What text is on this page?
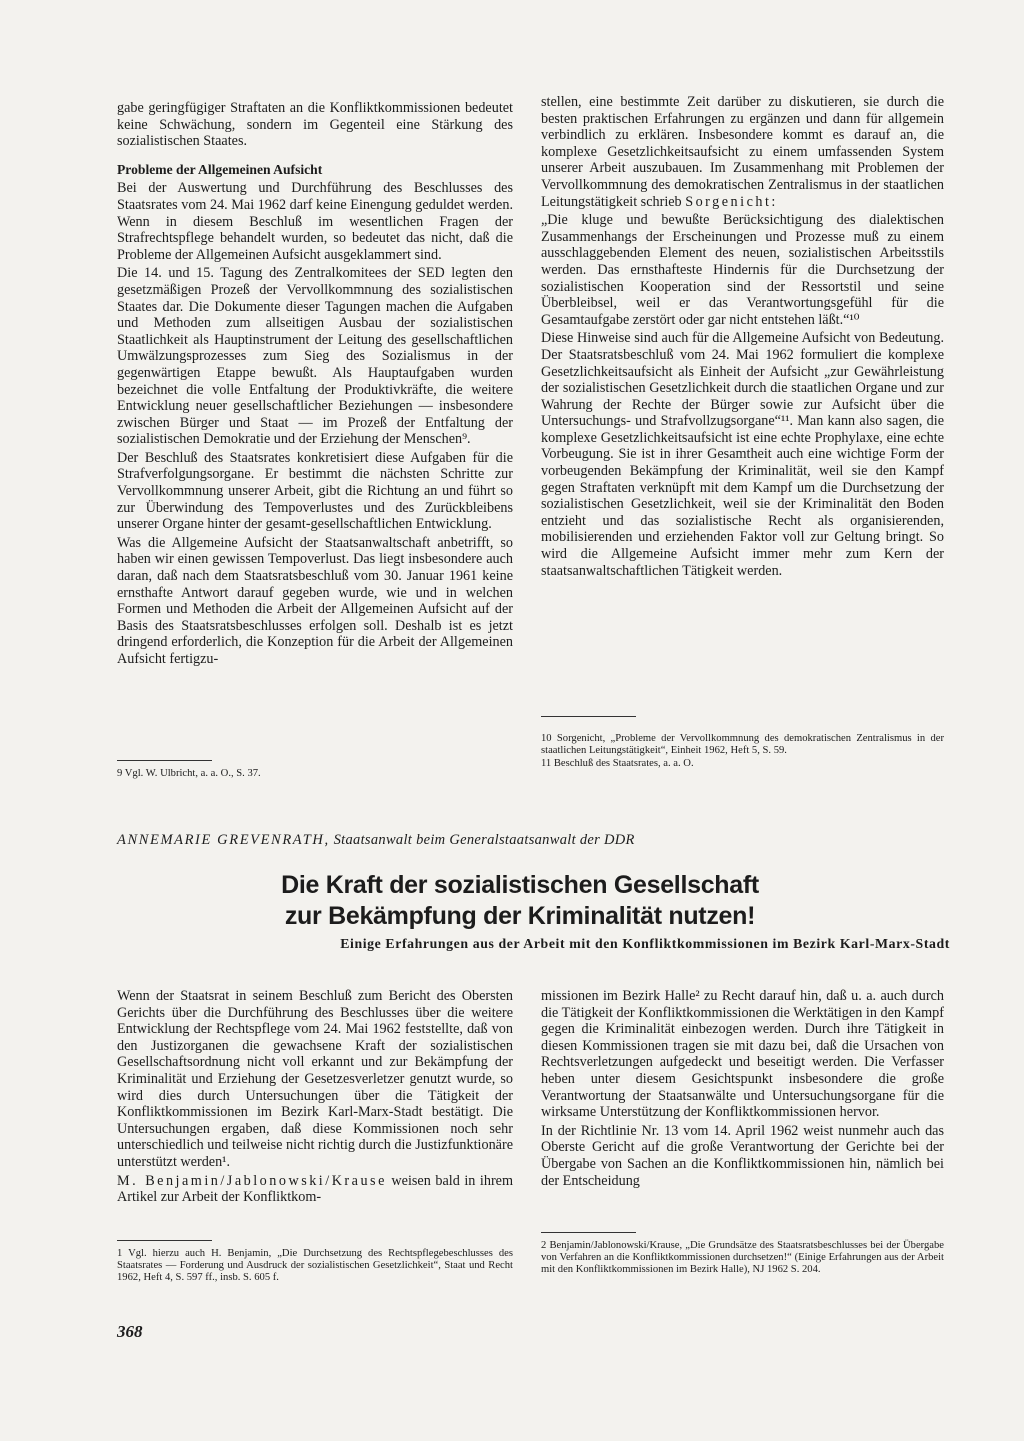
gabe geringfügiger Straftaten an die Konfliktkommissionen bedeutet keine Schwächung, sondern im Gegenteil eine Stärkung des sozialistischen Staates.

Probleme der Allgemeinen Aufsicht

Bei der Auswertung und Durchführung des Beschlusses des Staatsrates vom 24. Mai 1962 darf keine Einengung geduldet werden. Wenn in diesem Beschluß im wesentlichen Fragen der Strafrechtspflege behandelt wurden, so bedeutet das nicht, daß die Probleme der Allgemeinen Aufsicht ausgeklammert sind.

Die 14. und 15. Tagung des Zentralkomitees der SED legten den gesetzmäßigen Prozeß der Vervollkommnung des sozialistischen Staates dar. Die Dokumente dieser Tagungen machen die Aufgaben und Methoden zum allseitigen Ausbau der sozialistischen Staatlichkeit als Hauptinstrument der Leitung des gesellschaftlichen Umwälzungsprozesses zum Sieg des Sozialismus in der gegenwärtigen Etappe bewußt. Als Hauptaufgaben wurden bezeichnet die volle Entfaltung der Produktivkräfte, die weitere Entwicklung neuer gesellschaftlicher Beziehungen — insbesondere zwischen Bürger und Staat — im Prozeß der Entfaltung der sozialistischen Demokratie und der Erziehung der Menschen⁹.

Der Beschluß des Staatsrates konkretisiert diese Aufgaben für die Strafverfolgungsorgane. Er bestimmt die nächsten Schritte zur Vervollkommnung unserer Arbeit, gibt die Richtung an und führt so zur Überwindung des Tempoverlustes und des Zurückbleibens unserer Organe hinter der gesamt-gesellschaftlichen Entwicklung.

Was die Allgemeine Aufsicht der Staatsanwaltschaft anbetrifft, so haben wir einen gewissen Tempoverlust. Das liegt insbesondere auch daran, daß nach dem Staatsratsbeschluß vom 30. Januar 1961 keine ernsthafte Antwort darauf gegeben wurde, wie und in welchen Formen und Methoden die Arbeit der Allgemeinen Aufsicht auf der Basis des Staatsratsbeschlusses erfolgen soll. Deshalb ist es jetzt dringend erforderlich, die Konzeption für die Arbeit der Allgemeinen Aufsicht fertigzu-

9 Vgl. W. Ulbricht, a. a. O., S. 37.

stellen, eine bestimmte Zeit darüber zu diskutieren, sie durch die besten praktischen Erfahrungen zu ergänzen und dann für allgemein verbindlich zu erklären. Insbesondere kommt es darauf an, die komplexe Gesetzlichkeitsaufsicht zu einem umfassenden System unserer Arbeit auszubauen. Im Zusammenhang mit Problemen der Vervollkommnung des demokratischen Zentralismus in der staatlichen Leitungstätigkeit schrieb Sorgenicht:

„Die kluge und bewußte Berücksichtigung des dialektischen Zusammenhangs der Erscheinungen und Prozesse muß zu einem ausschlaggebenden Element des neuen, sozialistischen Arbeitsstils werden. Das ernsthafteste Hindernis für die Durchsetzung der sozialistischen Kooperation sind der Ressortstil und seine Überbleibsel, weil er das Verantwortungsgefühl für die Gesamtaufgabe zerstört oder gar nicht entstehen läßt.“¹⁰

Diese Hinweise sind auch für die Allgemeine Aufsicht von Bedeutung. Der Staatsratsbeschluß vom 24. Mai 1962 formuliert die komplexe Gesetzlichkeitsaufsicht als Einheit der Aufsicht „zur Gewährleistung der sozialistischen Gesetzlichkeit durch die staatlichen Organe und zur Wahrung der Rechte der Bürger sowie zur Aufsicht über die Untersuchungs- und Strafvollzugsorgane“¹¹. Man kann also sagen, die komplexe Gesetzlichkeitsaufsicht ist eine echte Prophylaxe, eine echte Vorbeugung. Sie ist in ihrer Gesamtheit auch eine wichtige Form der vorbeugenden Bekämpfung der Kriminalität, weil sie den Kampf gegen Straftaten verknüpft mit dem Kampf um die Durchsetzung der sozialistischen Gesetzlichkeit, weil sie der Kriminalität den Boden entzieht und das sozialistische Recht als organisierenden, mobilisierenden und erziehenden Faktor voll zur Geltung bringt. So wird die Allgemeine Aufsicht immer mehr zum Kern der staatsanwaltschaftlichen Tätigkeit werden.

10 Sorgenicht, „Probleme der Vervollkommnung des demokratischen Zentralismus in der staatlichen Leitungstätigkeit“, Einheit 1962, Heft 5, S. 59.

11 Beschluß des Staatsrates, a. a. O.

ANNEMARIE GREVENRATH, Staatsanwalt beim Generalstaatsanwalt der DDR
Die Kraft der sozialistischen Gesellschaft
zur Bekämpfung der Kriminalität nutzen!
Einige Erfahrungen aus der Arbeit mit den Konfliktkommissionen im Bezirk Karl-Marx-Stadt

Wenn der Staatsrat in seinem Beschluß zum Bericht des Obersten Gerichts über die Durchführung des Beschlusses über die weitere Entwicklung der Rechtspflege vom 24. Mai 1962 feststellte, daß von den Justizorganen die gewachsene Kraft der sozialistischen Gesellschaftsordnung nicht voll erkannt und zur Bekämpfung der Kriminalität und Erziehung der Gesetzesverletzer genutzt wurde, so wird dies durch Untersuchungen über die Tätigkeit der Konfliktkommissionen im Bezirk Karl-Marx-Stadt bestätigt. Die Untersuchungen ergaben, daß diese Kommissionen noch sehr unterschiedlich und teilweise nicht richtig durch die Justizfunktionäre unterstützt werden¹.

M. Benjamin/Jablonowski/Krause weisen bald in ihrem Artikel zur Arbeit der Konfliktkom-

1 Vgl. hierzu auch H. Benjamin, „Die Durchsetzung des Rechtspflegebeschlusses des Staatsrates — Forderung und Ausdruck der sozialistischen Gesetzlichkeit“, Staat und Recht 1962, Heft 4, S. 597 ff., insb. S. 605 f.

missionen im Bezirk Halle² zu Recht darauf hin, daß u. a. auch durch die Tätigkeit der Konfliktkommissionen die Werktätigen in den Kampf gegen die Kriminalität einbezogen werden. Durch ihre Tätigkeit in diesen Kommissionen tragen sie mit dazu bei, daß die Ursachen von Rechtsverletzungen aufgedeckt und beseitigt werden. Die Verfasser heben unter diesem Gesichtspunkt insbesondere die große Verantwortung der Staatsanwälte und Untersuchungsorgane für die wirksame Unterstützung der Konfliktkommissionen hervor.

In der Richtlinie Nr. 13 vom 14. April 1962 weist nunmehr auch das Oberste Gericht auf die große Verantwortung der Gerichte bei der Übergabe von Sachen an die Konfliktkommissionen hin, nämlich bei der Entscheidung

2 Benjamin/Jablonowski/Krause, „Die Grundsätze des Staatsratsbeschlusses bei der Übergabe von Verfahren an die Konfliktkommissionen durchsetzen!“ (Einige Erfahrungen aus der Arbeit mit den Konfliktkommissionen im Bezirk Halle), NJ 1962 S. 204.

368
